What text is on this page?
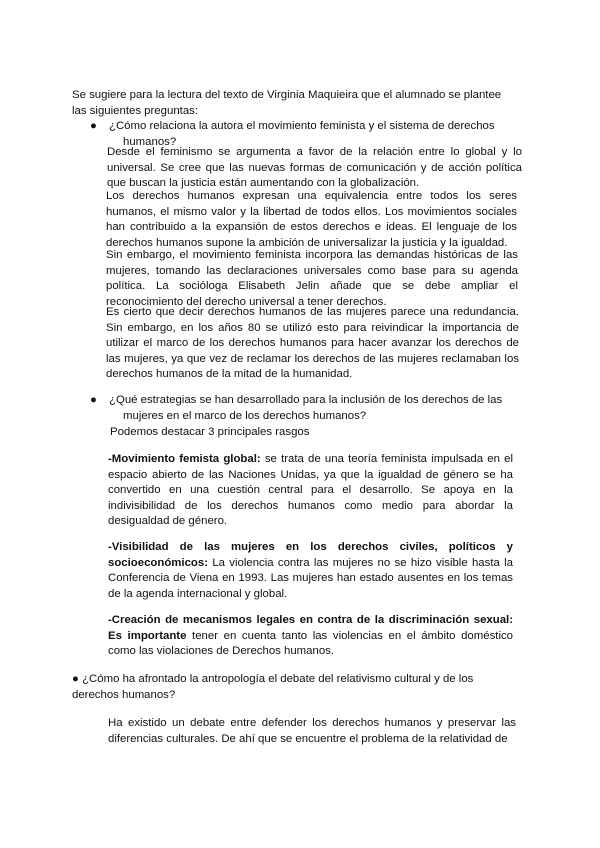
Se sugiere para la lectura del texto de Virginia Maquieira que el alumnado se plantee las siguientes preguntas:
●	¿Cómo relaciona la autora el movimiento feminista y el sistema de derechos
humanos?
Desde el feminismo se argumenta a favor de la relación entre lo global y lo universal. Se cree que las nuevas formas de comunicación y de acción política que buscan la justicia están aumentando con la globalización.
Los derechos humanos expresan una equivalencia entre todos los seres humanos, el mismo valor y la libertad de todos ellos. Los movimientos sociales han contribuido a la expansión de estos derechos e ideas. El lenguaje de los derechos humanos supone la ambición de universalizar la justicia y la igualdad.
Sin embargo, el movimiento feminista incorpora las demandas históricas de las mujeres, tomando las declaraciones universales como base para su agenda política. La socióloga Elisabeth Jelin añade que se debe ampliar el reconocimiento del derecho universal a tener derechos.
Es cierto que decir derechos humanos de las mujeres parece una redundancia. Sin embargo, en los años 80 se utilizó esto para reivindicar la importancia de utilizar el marco de los derechos humanos para hacer avanzar los derechos de las mujeres, ya que vez de reclamar los derechos de las mujeres reclamaban los derechos humanos de la mitad de la humanidad.
●	¿Qué estrategias se han desarrollado para la inclusión de los derechos de las
mujeres en el marco de los derechos humanos?
Podemos destacar 3 principales rasgos
-Movimiento femista global: se trata de una teoría feminista impulsada en el espacio abierto de las Naciones Unidas, ya que la igualdad de género se ha convertido en una cuestión central para el desarrollo. Se apoya en la indivisibilidad de los derechos humanos como medio para abordar la desigualdad de género.
-Visibilidad de las mujeres en los derechos civiles, políticos y socioeconómicos: La violencia contra las mujeres no se hizo visible hasta la Conferencia de Viena en 1993. Las mujeres han estado ausentes en los temas de la agenda internacional y global.
-Creación de mecanismos legales en contra de la discriminación sexual: Es importante tener en cuenta tanto las violencias en el ámbito doméstico como las violaciones de Derechos humanos.
● ¿Cómo ha afrontado la antropología el debate del relativismo cultural y de los derechos humanos?
Ha existido un debate entre defender los derechos humanos y preservar las diferencias culturales. De ahí que se encuentre el problema de la relatividad de
